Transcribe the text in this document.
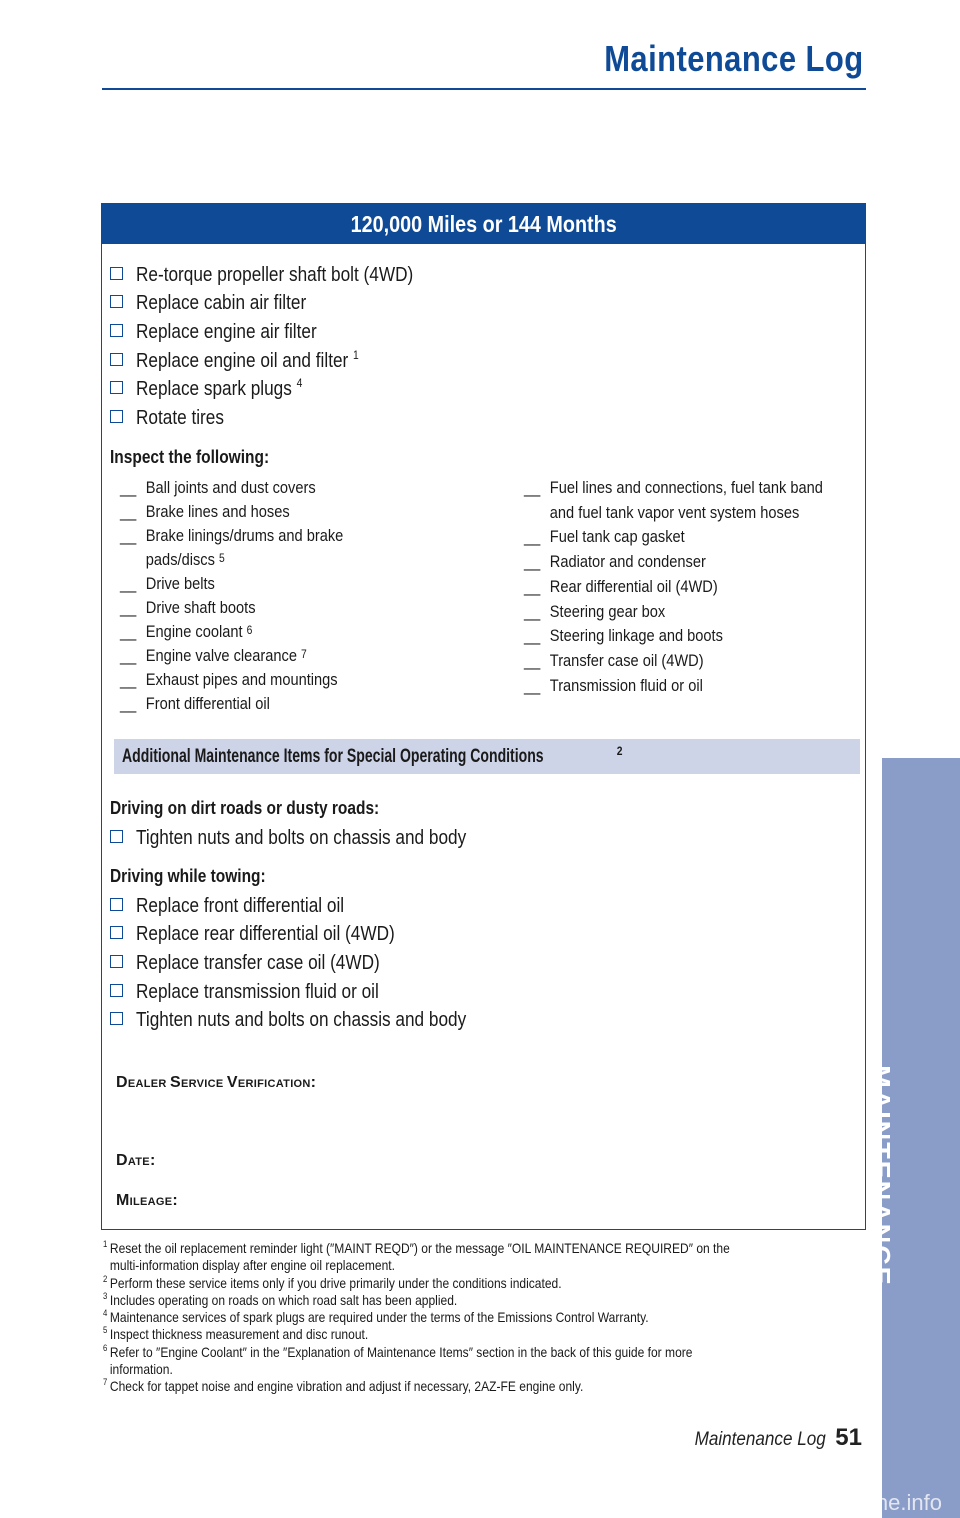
Maintenance Log
120,000 Miles or 144 Months
Re-torque propeller shaft bolt (4WD)
Replace cabin air filter
Replace engine air filter
Replace engine oil and filter $^1$
Replace spark plugs $^4$
Rotate tires
Inspect the following:
__ Ball joints and dust covers
__ Brake lines and hoses
__ Brake linings/drums and brake
pads/discs $^5$
__ Drive belts
__ Drive shaft boots
__ Engine coolant $^6$
__ Engine valve clearance $^7$
__ Exhaust pipes and mountings
__ Front differential oil
__ Fuel lines and connections, fuel tank band
and fuel tank vapor vent system hoses
__ Fuel tank cap gasket
__ Radiator and condenser
__ Rear differential oil (4WD)
__ Steering gear box
__ Steering linkage and boots
__ Transfer case oil (4WD)
__ Transmission fluid or oil
Additional Maintenance Items for Special Operating Conditions	$^2$
Driving on dirt roads or dusty roads:
Tighten nuts and bolts on chassis and body
Driving while towing:
Replace front differential oil
Replace rear differential oil (4WD)
Replace transfer case oil (4WD)
Replace transmission fluid or oil
Tighten nuts and bolts on chassis and body
DEALER SERVICE VERIFICATION:
DATE:
MILEAGE:
1 Reset the oil replacement reminder light (″MAINT REQD″) or the message ″OIL MAINTENANCE REQUIRED″ on the
multi-information display after engine oil replacement.
2 Perform these service items only if you drive primarily under the conditions indicated.
3 Includes operating on roads on which road salt has been applied.
4 Maintenance services of spark plugs are required under the terms of the Emissions Control Warranty.
5 Inspect thickness measurement and disc runout.
6 Refer to ″Engine Coolant″ in the ″Explanation of Maintenance Items″ section in the back of this guide for more
information.
7 Check for tappet noise and engine vibration and adjust if necessary, 2AZ-FE engine only.
Maintenance Log 51
MAINTENANCE
carmanualsonline.info
